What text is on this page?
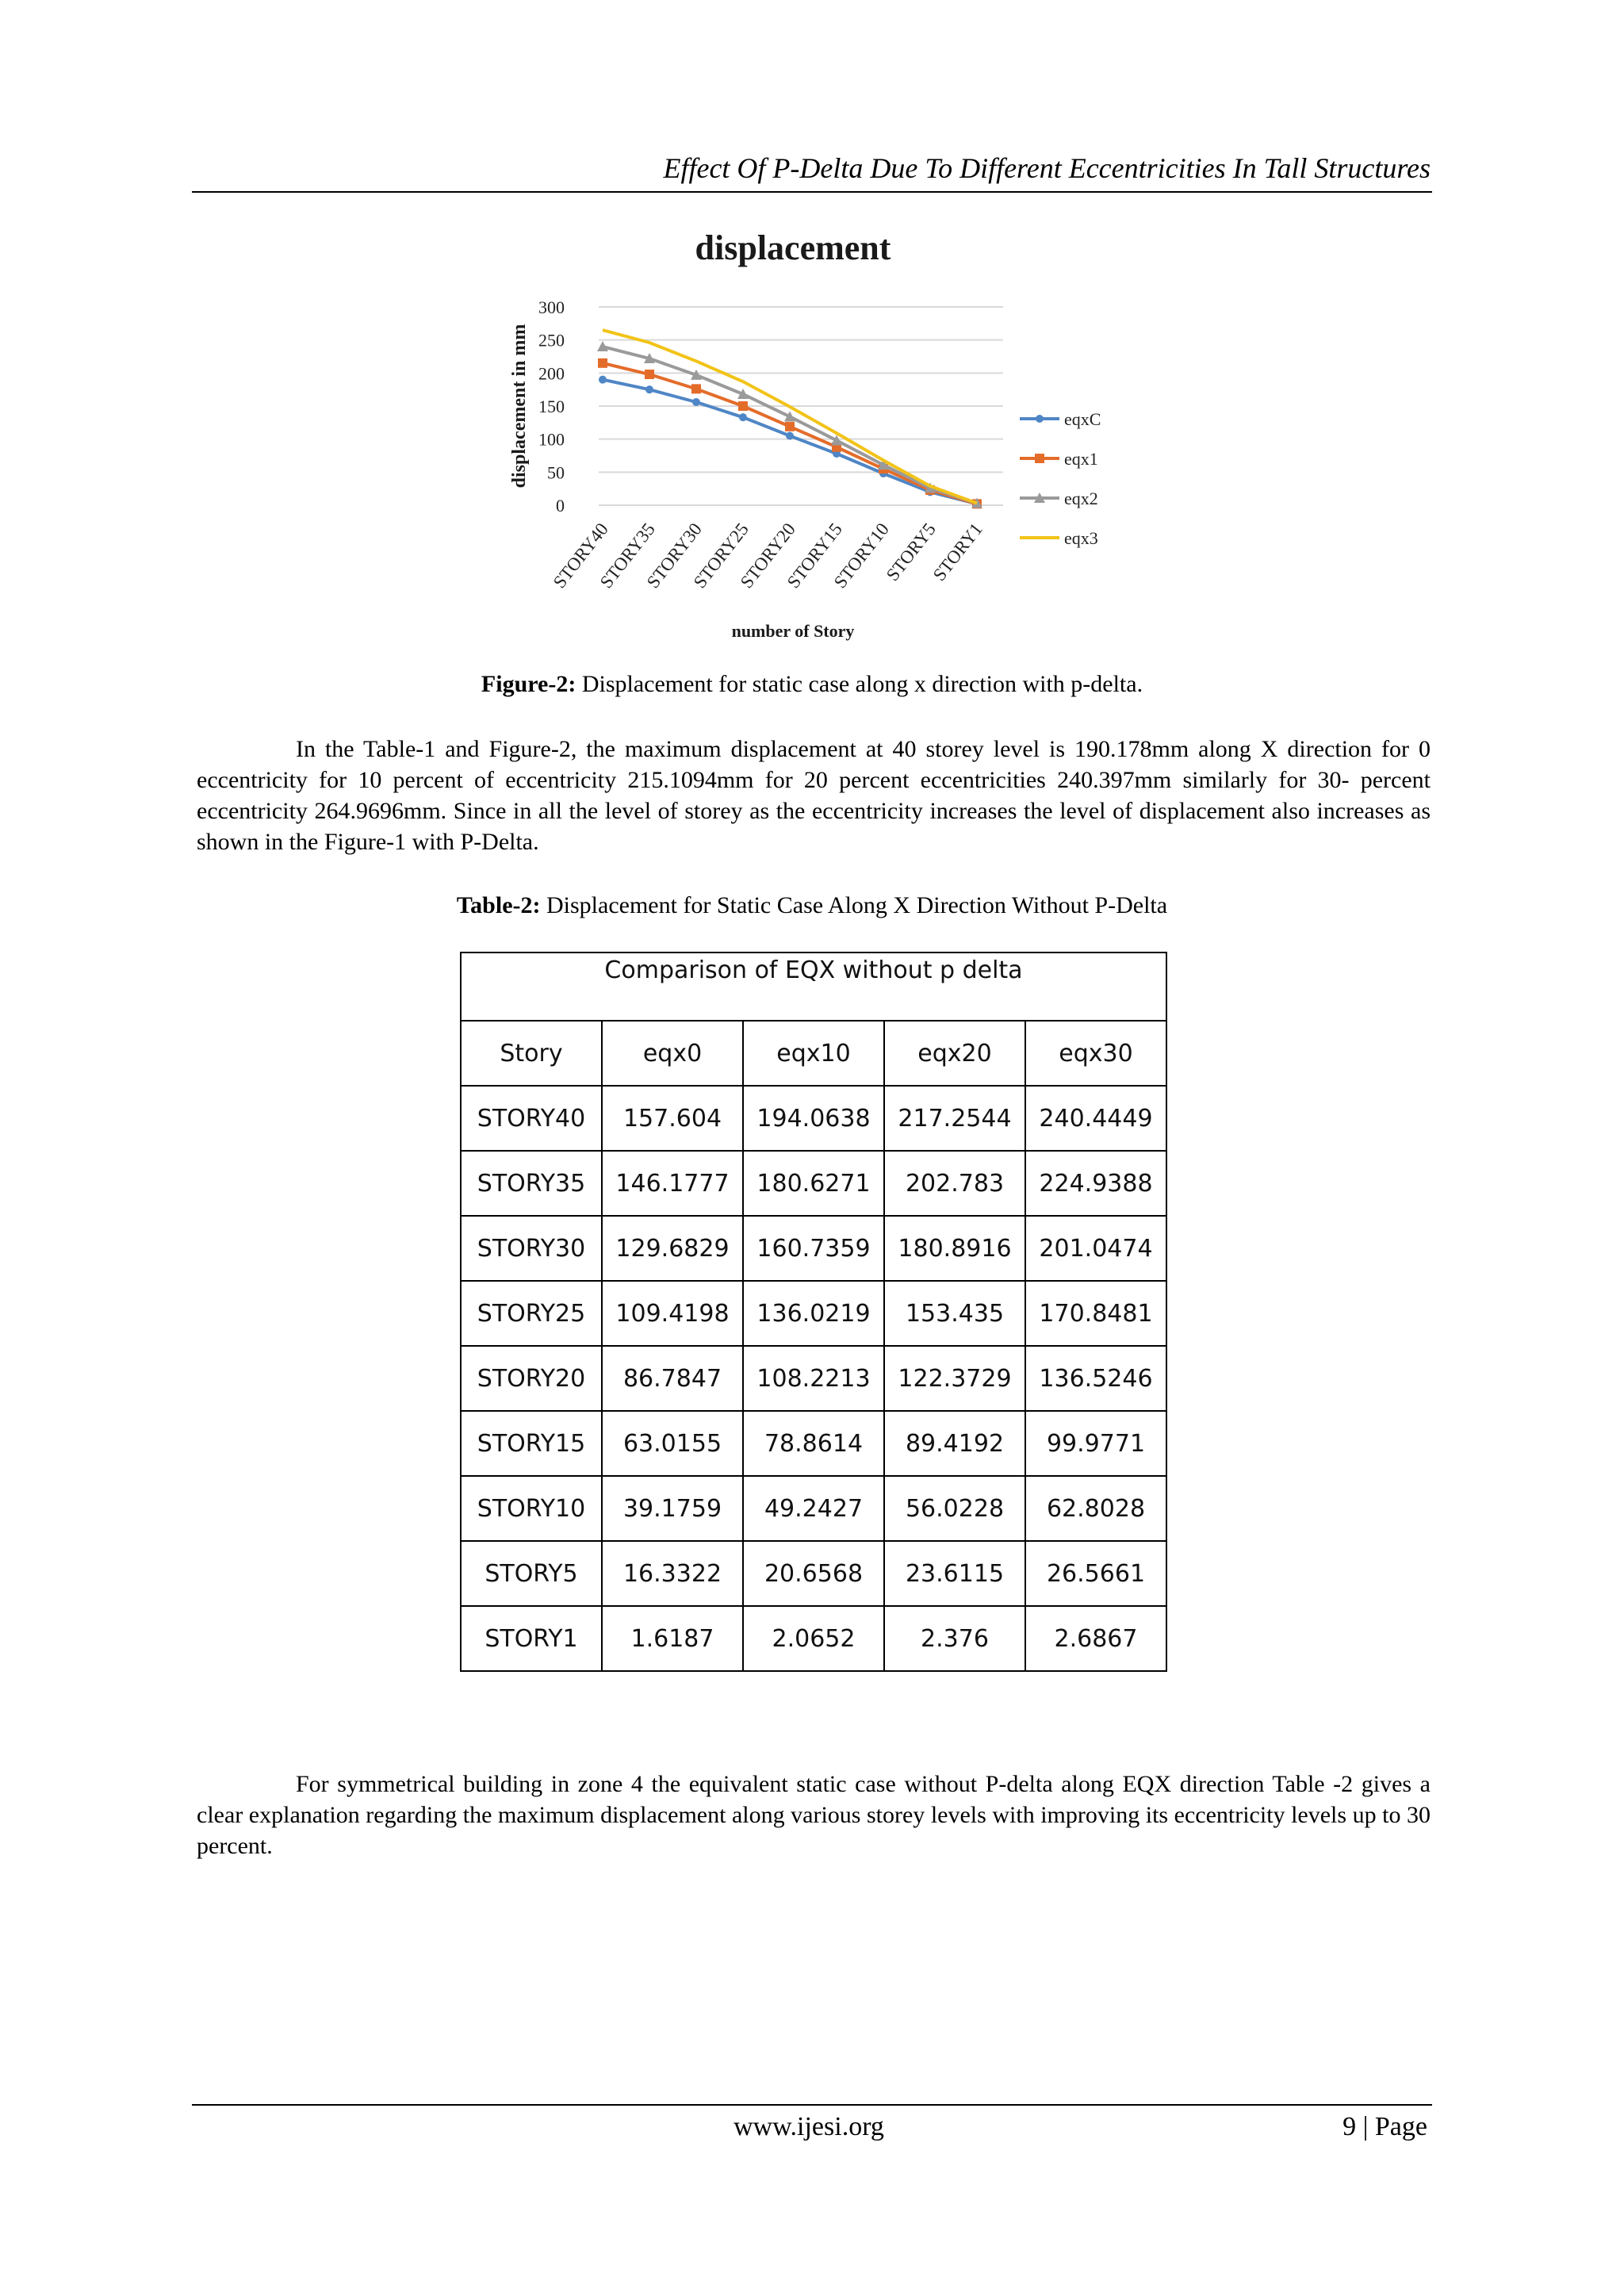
Effect Of P-Delta Due To Different Eccentricities In Tall Structures
displacement
0
50
100
150
200
250
300
displacement in mm
STORY40
STORY35
STORY30
STORY25
STORY20
STORY15
STORY10
STORY5
STORY1
number of Story
eqxC
eqx1
eqx2
eqx3
Figure-2: Displacement for static case along x direction with p-delta.
In the Table-1 and Figure-2, the maximum displacement at 40 storey level is 190.178mm along X direction for 0 eccentricity for 10 percent of eccentricity 215.1094mm for 20 percent eccentricities 240.397mm similarly for 30- percent eccentricity 264.9696mm. Since in all the level of storey as the eccentricity increases the level of displacement also increases as shown in the Figure-1 with P-Delta.
Table-2: Displacement for Static Case Along X Direction Without P-Delta
Comparison of EQX without p delta				
Story	eqx0	eqx10	eqx20	eqx30
STORY40	157.604	194.0638	217.2544	240.4449
STORY35	146.1777	180.6271	202.783	224.9388
STORY30	129.6829	160.7359	180.8916	201.0474
STORY25	109.4198	136.0219	153.435	170.8481
STORY20	86.7847	108.2213	122.3729	136.5246
STORY15	63.0155	78.8614	89.4192	99.9771
STORY10	39.1759	49.2427	56.0228	62.8028
STORY5	16.3322	20.6568	23.6115	26.5661
STORY1	1.6187	2.0652	2.376	2.6867
For symmetrical building in zone 4 the equivalent static case without P-delta along EQX direction Table -2 gives a clear explanation regarding the maximum displacement along various storey levels with improving its eccentricity levels up to 30 percent.
www.ijesi.org	9 | Page
